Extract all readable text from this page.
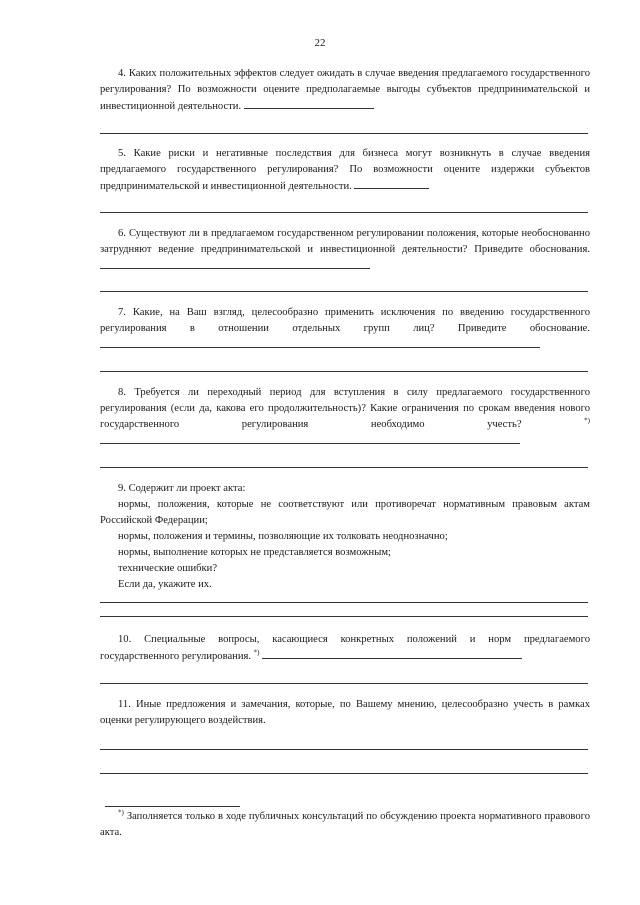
22

4. Каких положительных эффектов следует ожидать в случае введения предлагаемого государственного регулирования? По возможности оцените предполагаемые выгоды субъектов предпринимательской и инвестиционной деятельности.

5. Какие риски и негативные последствия для бизнеса могут возникнуть в случае введения предлагаемого государственного регулирования? По возможности оцените издержки субъектов предпринимательской и инвестиционной деятельности.

6. Существуют ли в предлагаемом государственном регулировании положения, которые необоснованно затрудняют ведение предпринимательской и инвестиционной деятельности? Приведите обоснования.

7. Какие, на Ваш взгляд, целесообразно применить исключения по введению государственного регулирования в отношении отдельных групп лиц? Приведите обоснование.

8. Требуется ли переходный период для вступления в силу предлагаемого государственного регулирования (если да, какова его продолжительность)? Какие ограничения по срокам введения нового государственного регулирования необходимо учесть?	*)

9. Содержит ли проект акта:

нормы, положения, которые не соответствуют или противоречат нормативным правовым актам Российской Федерации;

нормы, положения и термины, позволяющие их толковать неоднозначно;

нормы, выполнение которых не представляется возможным;

технические ошибки?

Если да, укажите их.

10. Специальные вопросы, касающиеся конкретных положений и норм предлагаемого государственного регулирования. *)

11. Иные предложения и замечания, которые, по Вашему мнению, целесообразно учесть в рамках оценки регулирующего воздействия.

*) Заполняется только в ходе публичных консультаций по обсуждению проекта нормативного правового акта.
